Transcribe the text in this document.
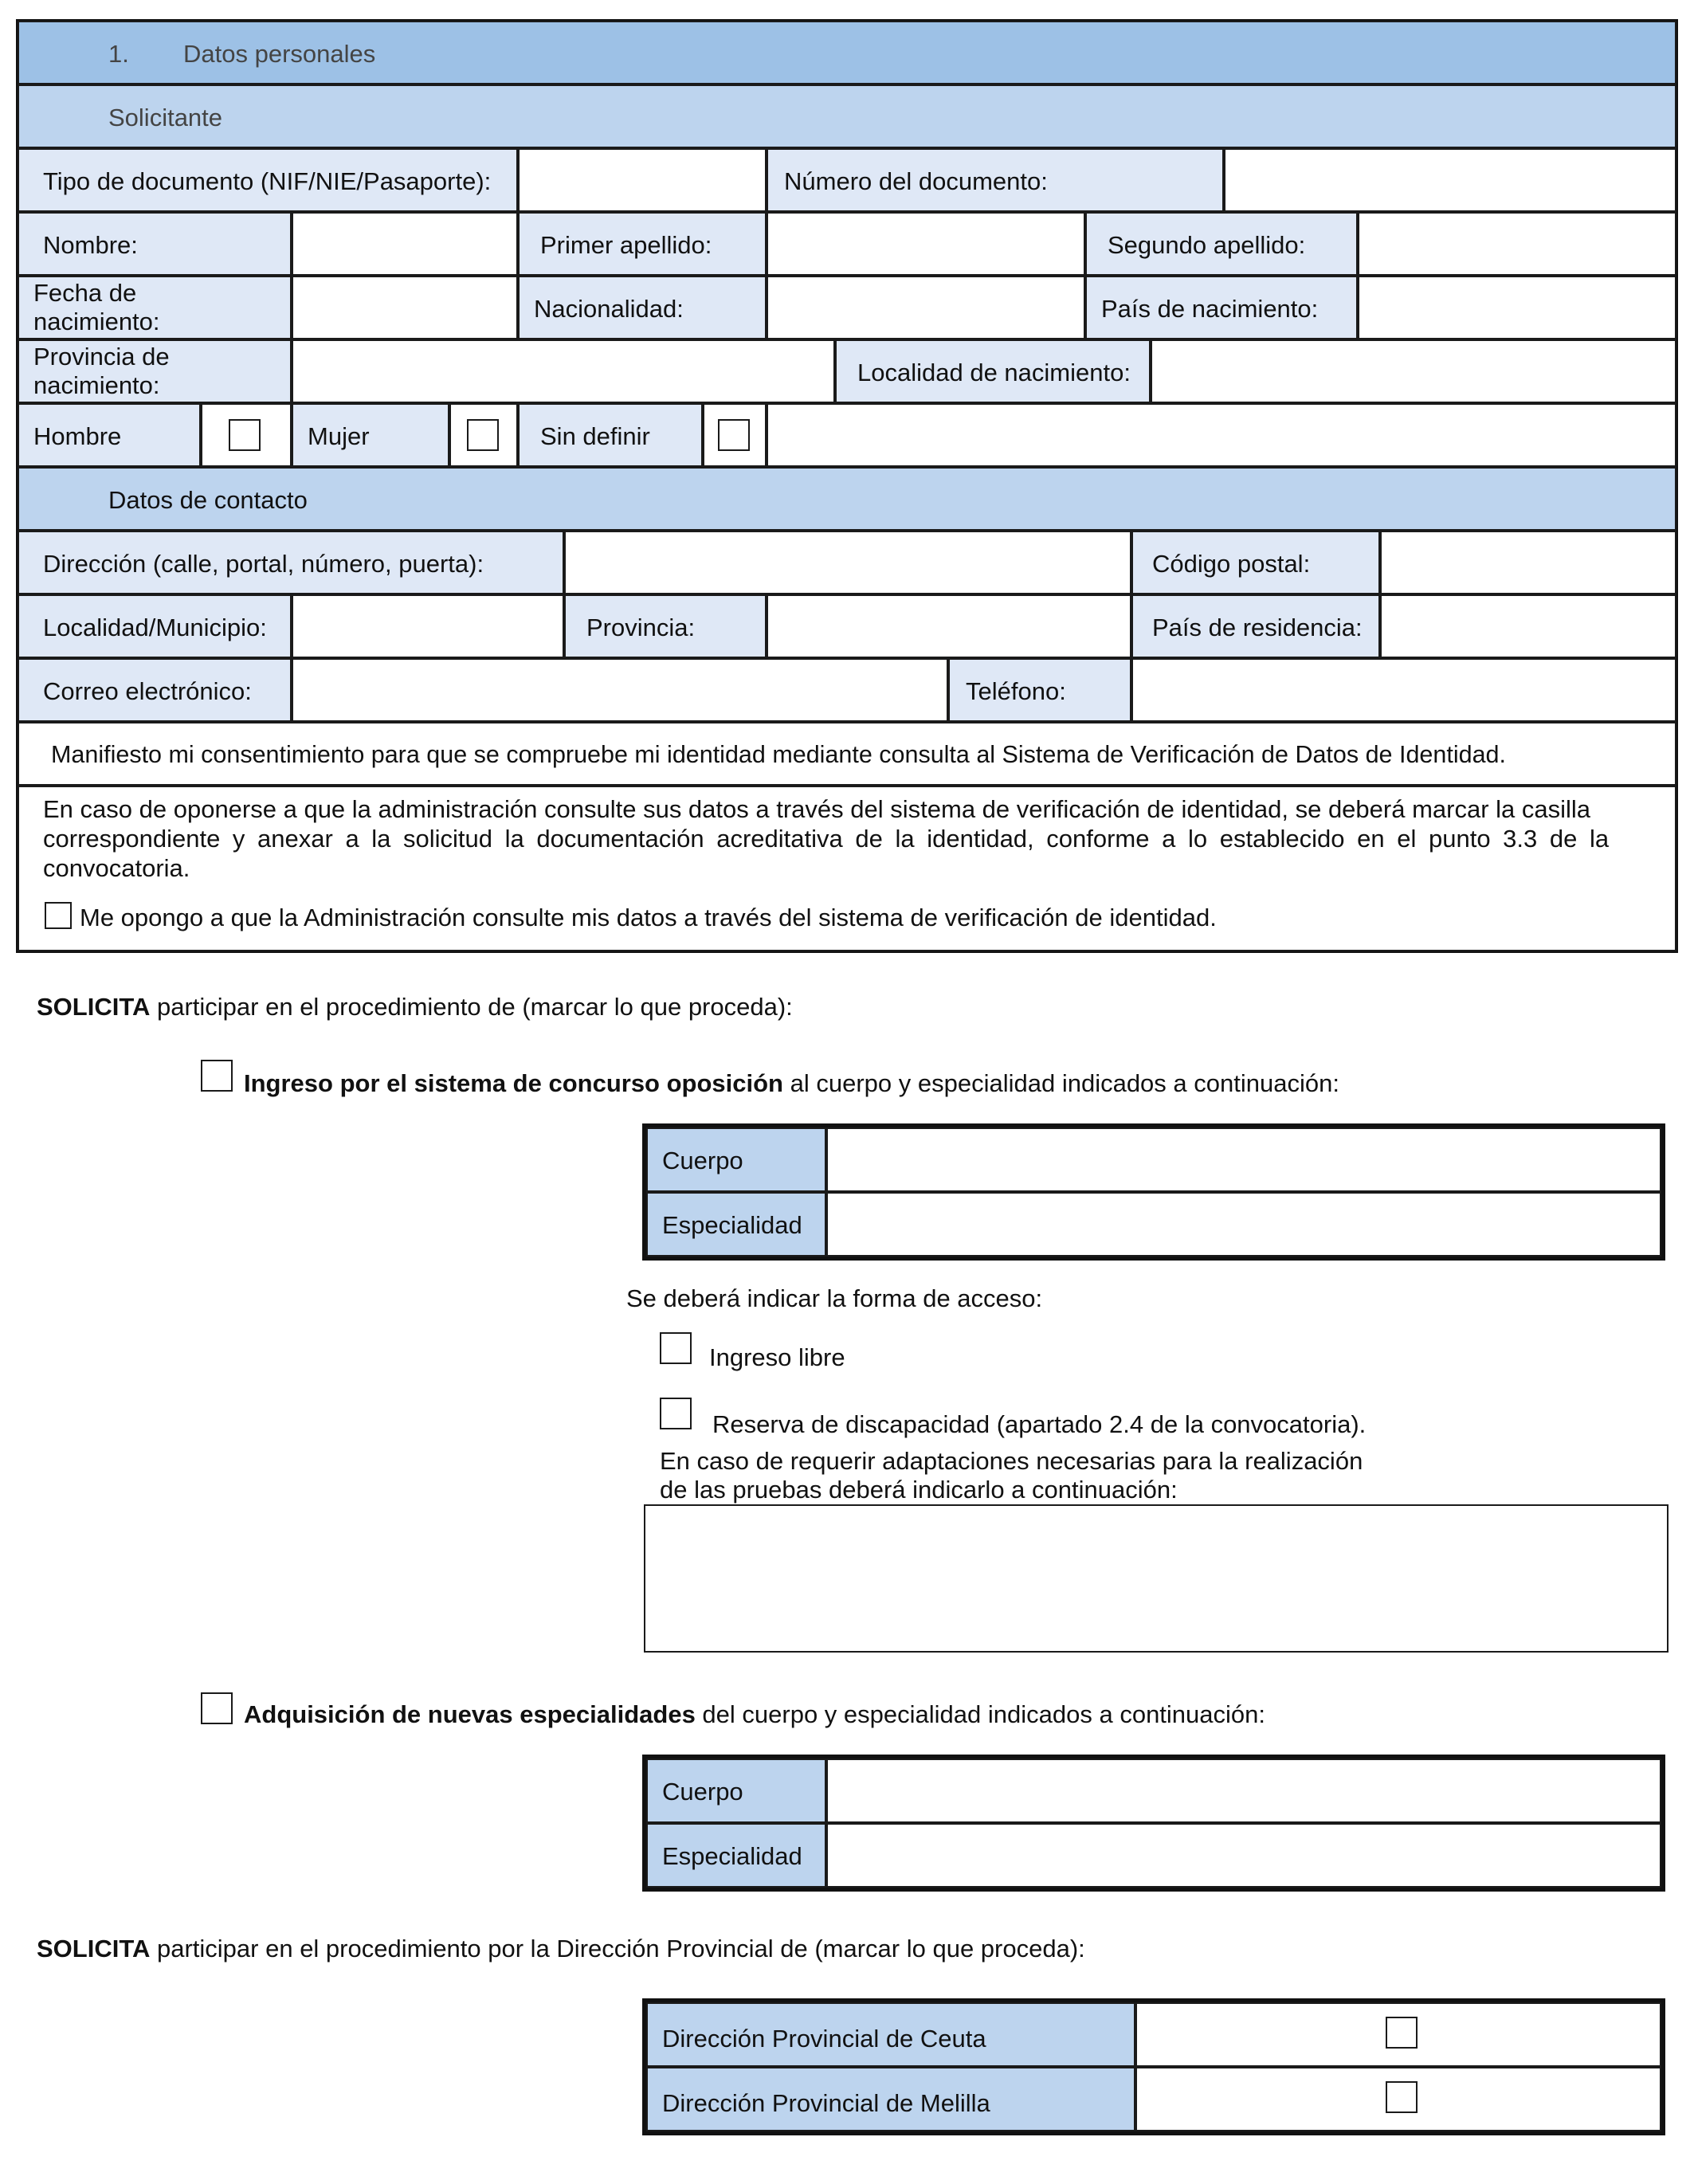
1. Datos personales
Solicitante
Tipo de documento (NIF/NIE/Pasaporte):	Número del documento:
Nombre:	Primer apellido:	Segundo apellido:
Fecha de
nacimiento:	Nacionalidad:	País de nacimiento:
Provincia de
nacimiento:	Localidad de nacimiento:
Hombre	Mujer	Sin definir
Datos de contacto
Dirección (calle, portal, número, puerta):	Código postal:
Localidad/Municipio:	Provincia:	País de residencia:
Correo electrónico:	Teléfono:
Manifiesto mi consentimiento para que se compruebe mi identidad mediante consulta al Sistema de Verificación de Datos de Identidad.
En caso de oponerse a que la administración consulte sus datos a través del sistema de verificación de identidad, se deberá marcar la casilla
correspondiente y anexar a la solicitud la documentación acreditativa de la identidad, conforme a lo establecido en el punto 3.3 de la
convocatoria.
Me opongo a que la Administración consulte mis datos a través del sistema de verificación de identidad.
SOLICITA participar en el procedimiento de (marcar lo que proceda):
Ingreso por el sistema de concurso oposición al cuerpo y especialidad indicados a continuación:
Cuerpo
Especialidad
Se deberá indicar la forma de acceso:
Ingreso libre
Reserva de discapacidad (apartado 2.4 de la convocatoria).
En caso de requerir adaptaciones necesarias para la realización
de las pruebas deberá indicarlo a continuación:
Adquisición de nuevas especialidades del cuerpo y especialidad indicados a continuación:
Cuerpo
Especialidad
SOLICITA participar en el procedimiento por la Dirección Provincial de (marcar lo que proceda):
Dirección Provincial de Ceuta
Dirección Provincial de Melilla
